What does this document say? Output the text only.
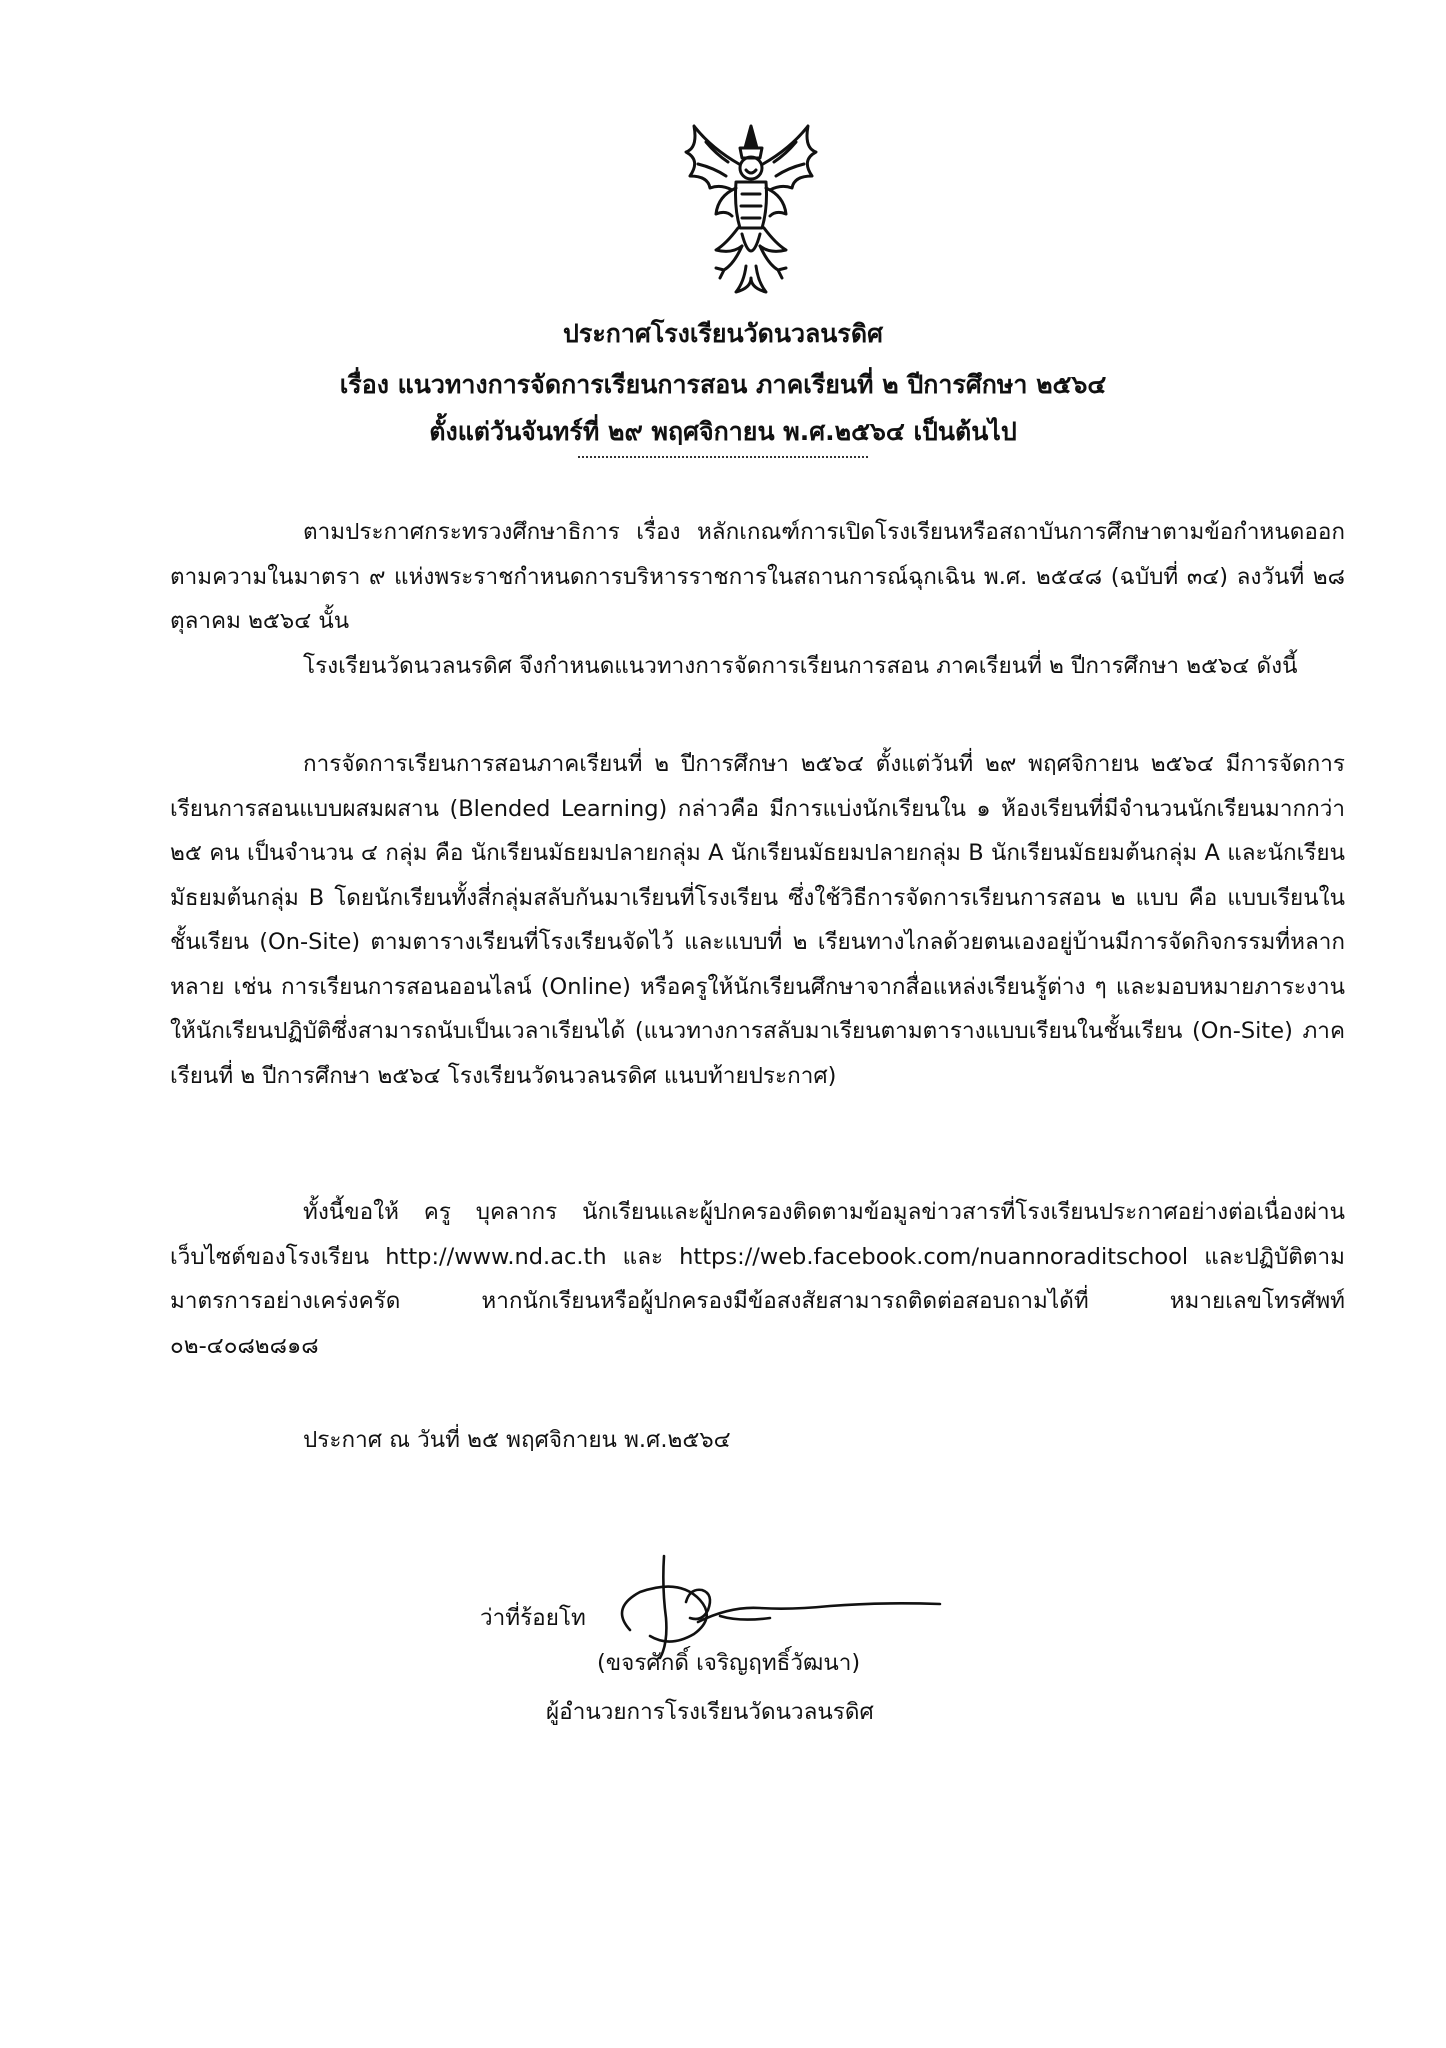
ประกาศโรงเรียนวัดนวลนรดิศ
เรื่อง แนวทางการจัดการเรียนการสอน ภาคเรียนที่ ๒ ปีการศึกษา ๒๕๖๔
ตั้งแต่วันจันทร์ที่ ๒๙ พฤศจิกายน พ.ศ.๒๕๖๔ เป็นต้นไป

ตามประกาศกระทรวงศึกษาธิการ เรื่อง หลักเกณฑ์การเปิดโรงเรียนหรือสถาบันการศึกษาตามข้อกำหนดออกตามความในมาตรา ๙ แห่งพระราชกำหนดการบริหารราชการในสถานการณ์ฉุกเฉิน พ.ศ. ๒๕๔๘ (ฉบับที่ ๓๔) ลงวันที่ ๒๘ ตุลาคม ๒๕๖๔ นั้น

โรงเรียนวัดนวลนรดิศ จึงกำหนดแนวทางการจัดการเรียนการสอน ภาคเรียนที่ ๒ ปีการศึกษา ๒๕๖๔ ดังนี้

การจัดการเรียนการสอนภาคเรียนที่ ๒ ปีการศึกษา ๒๕๖๔ ตั้งแต่วันที่ ๒๙ พฤศจิกายน ๒๕๖๔ มีการจัดการเรียนการสอนแบบผสมผสาน (Blended Learning) กล่าวคือ มีการแบ่งนักเรียนใน ๑ ห้องเรียนที่มีจำนวนนักเรียนมากกว่า ๒๕ คน เป็นจำนวน ๔ กลุ่ม คือ นักเรียนมัธยมปลายกลุ่ม A นักเรียนมัธยมปลายกลุ่ม B นักเรียนมัธยมต้นกลุ่ม A และนักเรียนมัธยมต้นกลุ่ม B โดยนักเรียนทั้งสี่กลุ่มสลับกันมาเรียนที่โรงเรียน ซึ่งใช้วิธีการจัดการเรียนการสอน ๒ แบบ คือ แบบเรียนในชั้นเรียน (On-Site) ตามตารางเรียนที่โรงเรียนจัดไว้ และแบบที่ ๒ เรียนทางไกลด้วยตนเองอยู่บ้านมีการจัดกิจกรรมที่หลากหลาย เช่น การเรียนการสอนออนไลน์ (Online) หรือครูให้นักเรียนศึกษาจากสื่อแหล่งเรียนรู้ต่าง ๆ และมอบหมายภาระงานให้นักเรียนปฏิบัติซึ่งสามารถนับเป็นเวลาเรียนได้ (แนวทางการสลับมาเรียนตามตารางแบบเรียนในชั้นเรียน (On-Site) ภาคเรียนที่ ๒ ปีการศึกษา ๒๕๖๔ โรงเรียนวัดนวลนรดิศ แนบท้ายประกาศ)

ทั้งนี้ขอให้ ครู บุคลากร นักเรียนและผู้ปกครองติดตามข้อมูลข่าวสารที่โรงเรียนประกาศอย่างต่อเนื่องผ่านเว็บไซต์ของโรงเรียน http://www.nd.ac.th และ https://web.facebook.com/nuannoraditschool และปฏิบัติตามมาตรการอย่างเคร่งครัด หากนักเรียนหรือผู้ปกครองมีข้อสงสัยสามารถติดต่อสอบถามได้ที่ หมายเลขโทรศัพท์ ๐๒-๔๐๘๒๘๑๘

ประกาศ ณ วันที่ ๒๕ พฤศจิกายน พ.ศ.๒๕๖๔
ว่าที่ร้อยโท
(ขจรศักดิ์ เจริญฤทธิ์วัฒนา)
ผู้อำนวยการโรงเรียนวัดนวลนรดิศ
